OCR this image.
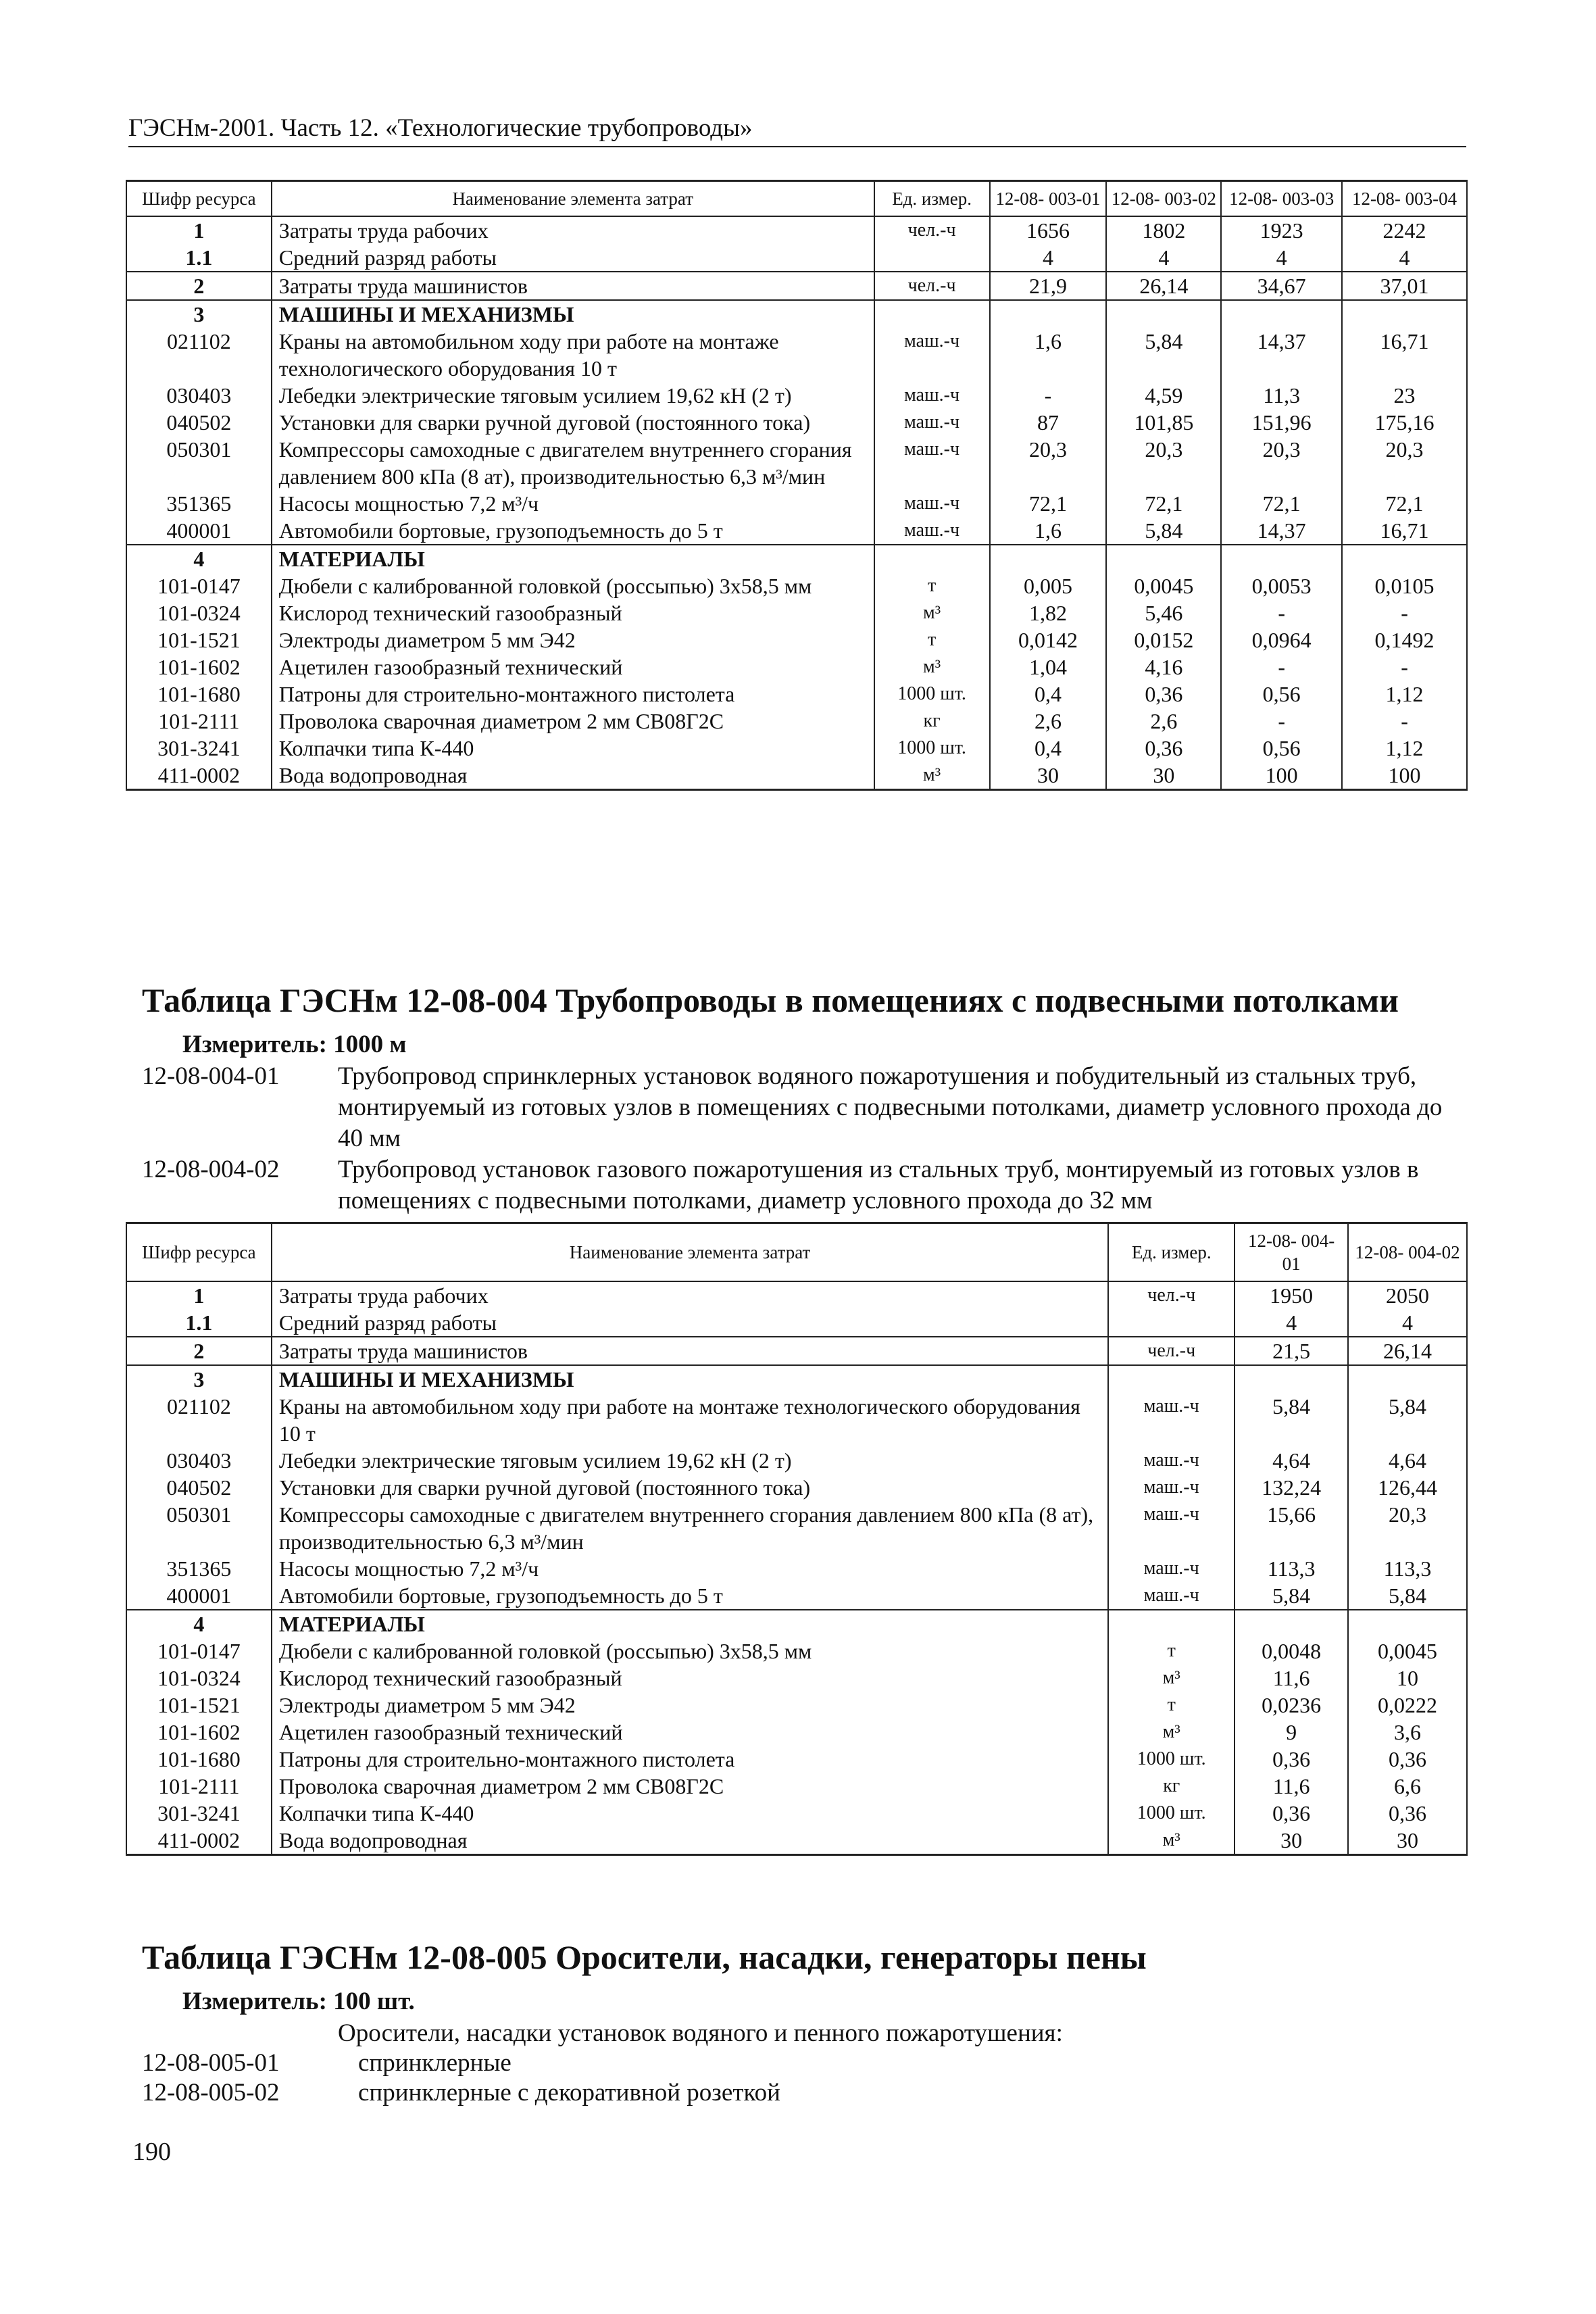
ГЭСНм-2001. Часть 12. «Технологические трубопроводы»
Шифр ресурса	Наименование элемента затрат	Ед. измер.	12-08- 003-01	12-08- 003-02	12-08- 003-03	12-08- 003-04
1	Затраты труда рабочих	чел.-ч	1656	1802	1923	2242
1.1	Средний разряд работы		4	4	4	4
2	Затраты труда машинистов	чел.-ч	21,9	26,14	34,67	37,01
3	МАШИНЫ И МЕХАНИЗМЫ					
021102	Краны на автомобильном ходу при работе на монтаже технологического оборудования 10 т	маш.-ч	1,6	5,84	14,37	16,71
030403	Лебедки электрические тяговым усилием 19,62 кН (2 т)	маш.-ч	-	4,59	11,3	23
040502	Установки для сварки ручной дуговой (постоянного тока)	маш.-ч	87	101,85	151,96	175,16
050301	Компрессоры самоходные с двигателем внутреннего сгорания давлением 800 кПа (8 ат), производительностью 6,3 м³/мин	маш.-ч	20,3	20,3	20,3	20,3
351365	Насосы мощностью 7,2 м³/ч	маш.-ч	72,1	72,1	72,1	72,1
400001	Автомобили бортовые, грузоподъемность до 5 т	маш.-ч	1,6	5,84	14,37	16,71
4	МАТЕРИАЛЫ					
101-0147	Дюбели с калиброванной головкой (россыпью) 3х58,5 мм	т	0,005	0,0045	0,0053	0,0105
101-0324	Кислород технический газообразный	м³	1,82	5,46	-	-
101-1521	Электроды диаметром 5 мм Э42	т	0,0142	0,0152	0,0964	0,1492
101-1602	Ацетилен газообразный технический	м³	1,04	4,16	-	-
101-1680	Патроны для строительно-монтажного пистолета	1000 шт.	0,4	0,36	0,56	1,12
101-2111	Проволока сварочная диаметром 2 мм СВ08Г2С	кг	2,6	2,6	-	-
301-3241	Колпачки типа К-440	1000 шт.	0,4	0,36	0,56	1,12
411-0002	Вода водопроводная	м³	30	30	100	100
Таблица ГЭСНм 12-08-004 Трубопроводы в помещениях с подвесными потолками
Измеритель: 1000 м
12-08-004-01	Трубопровод спринклерных установок водяного пожаротушения и побудительный из стальных труб, монтируемый из готовых узлов в помещениях с подвесными потолками, диаметр условного прохода до 40 мм
12-08-004-02	Трубопровод установок газового пожаротушения из стальных труб, монтируемый из готовых узлов в помещениях с подвесными потолками, диаметр условного прохода до 32 мм
Шифр ресурса	Наименование элемента затрат	Ед. измер.	12-08- 004-01	12-08- 004-02
1	Затраты труда рабочих	чел.-ч	1950	2050
1.1	Средний разряд работы		4	4
2	Затраты труда машинистов	чел.-ч	21,5	26,14
3	МАШИНЫ И МЕХАНИЗМЫ			
021102	Краны на автомобильном ходу при работе на монтаже технологического оборудования 10 т	маш.-ч	5,84	5,84
030403	Лебедки электрические тяговым усилием 19,62 кН (2 т)	маш.-ч	4,64	4,64
040502	Установки для сварки ручной дуговой (постоянного тока)	маш.-ч	132,24	126,44
050301	Компрессоры самоходные с двигателем внутреннего сгорания давлением 800 кПа (8 ат), производительностью 6,3 м³/мин	маш.-ч	15,66	20,3
351365	Насосы мощностью 7,2 м³/ч	маш.-ч	113,3	113,3
400001	Автомобили бортовые, грузоподъемность до 5 т	маш.-ч	5,84	5,84
4	МАТЕРИАЛЫ			
101-0147	Дюбели с калиброванной головкой (россыпью) 3х58,5 мм	т	0,0048	0,0045
101-0324	Кислород технический газообразный	м³	11,6	10
101-1521	Электроды диаметром 5 мм Э42	т	0,0236	0,0222
101-1602	Ацетилен газообразный технический	м³	9	3,6
101-1680	Патроны для строительно-монтажного пистолета	1000 шт.	0,36	0,36
101-2111	Проволока сварочная диаметром 2 мм СВ08Г2С	кг	11,6	6,6
301-3241	Колпачки типа К-440	1000 шт.	0,36	0,36
411-0002	Вода водопроводная	м³	30	30
Таблица ГЭСНм 12-08-005 Оросители, насадки, генераторы пены
Измеритель: 100 шт.
Оросители, насадки установок водяного и пенного пожаротушения:
12-08-005-01	спринклерные
12-08-005-02	спринклерные с декоративной розеткой
190
